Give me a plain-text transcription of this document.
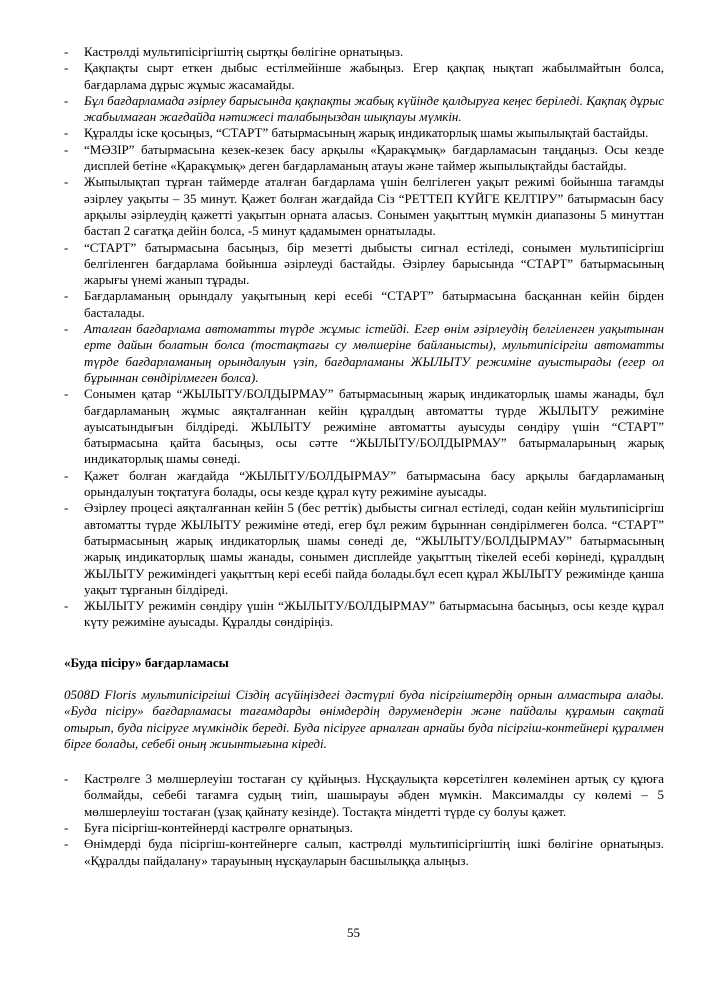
- Кастрөлді мультипісіргіштің сыртқы бөлігіне орнатыңыз.
- Қақпақты сырт еткен дыбыс естілмейінше жабыңыз. Егер қақпақ нықтап жабылмайтын болса, бағдарлама дұрыс жұмыс жасамайды.
- Бұл бағдарламада әзірлеу барысында қақпақты жабық күйінде қалдыруға кеңес беріледі. Қақпақ дұрыс жабылмаған жағдайда нәтижесі талабыңыздан шықпауы мүмкін.
- Құралды іске қосыңыз, “СТАРТ” батырмасының жарық индикаторлық шамы жыпылықтай бастайды.
- “МӘЗІР” батырмасына кезек-кезек басу арқылы «Қаракұмық» бағдарламасын таңдаңыз. Осы кезде дисплей бетіне «Қаракұмық» деген бағдарламаның атауы және таймер жыпылықтайды бастайды.
- Жыпылықтап тұрған таймерде аталған бағдарлама үшін белгілеген уақыт режимі бойынша тағамды әзірлеу уақыты – 35 минут. Қажет болған жағдайда Сіз “РЕТТЕП КҮЙГЕ КЕЛТІРУ” батырмасын басу арқылы әзірлеудің қажетті уақытын орната аласыз. Сонымен уақыттың мүмкін диапазоны 5 минуттан бастап 2 сағатқа дейін болса, -5 минут қадамымен орнатылады.
- “СТАРТ” батырмасына басыңыз, бір мезетті дыбысты сигнал естіледі, сонымен мультипісіргіш белгіленген бағдарлама бойынша әзірлеуді бастайды. Әзірлеу барысында “СТАРТ” батырмасының жарығы үнемі жанып тұрады.
- Бағдарламаның орындалу уақытының кері есебі “СТАРТ” батырмасына басқаннан кейін бірден басталады.
- Аталған бағдарлама автоматты түрде жұмыс істейді. Егер өнім әзірлеудің белгіленген уақытынан ерте дайын болатын болса (тостақтағы су мөлшеріне байланысты), мультипісіргіш автоматты түрде бағдарламаның орындалуын үзіп, бағдарламаны ЖЫЛЫТУ режиміне ауыстырады (егер ол бұрыннан сөндірілмеген болса).
- Сонымен қатар “ЖЫЛЫТУ/БОЛДЫРМАУ” батырмасының жарық индикаторлық шамы жанады, бұл бағдарламаның жұмыс аяқталғаннан кейін құралдың автоматты түрде ЖЫЛЫТУ режиміне ауысатындығын білдіреді. ЖЫЛЫТУ режиміне автоматты ауысуды сөндіру үшін “СТАРТ” батырмасына қайта басыңыз, осы сәтте “ЖЫЛЫТУ/БОЛДЫРМАУ” батырмаларының жарық индикаторлық шамы сөнеді.
- Қажет болған жағдайда “ЖЫЛЫТУ/БОЛДЫРМАУ” батырмасына басу арқылы бағдарламаның орындалуын тоқтатуға болады, осы кезде құрал күту режиміне ауысады.
- Әзірлеу процесі аяқталғаннан кейін 5 (бес реттік) дыбысты сигнал естіледі, содан кейін мультипісіргіш автоматты түрде ЖЫЛЫТУ режиміне өтеді, егер бұл режим бұрыннан сөндірілмеген болса. “СТАРТ” батырмасының жарық индикаторлық шамы сөнеді де, “ЖЫЛЫТУ/БОЛДЫРМАУ” батырмасының жарық индикаторлық шамы жанады, сонымен дисплейде уақыттың тікелей есебі көрінеді, құралдың ЖЫЛЫТУ режиміндегі уақыттың кері есебі пайда болады.бұл есеп құрал ЖЫЛЫТУ режимінде қанша уақыт тұрғанын білдіреді.
- ЖЫЛЫТУ режимін сөндіру үшін “ЖЫЛЫТУ/БОЛДЫРМАУ” батырмасына басыңыз, осы кезде құрал күту режиміне ауысады. Құралды сөндіріңіз.
«Буда пісіру» бағдарламасы
0508D Floris мультипісіргіші Сіздің асүйіңіздегі дәстүрлі буда пісіргіштердің орнын алмастыра алады. «Буда пісіру» бағдарламасы тағамдарды өнімдердің дәрумендерін және пайдалы құрамын сақтай отырып, буда пісіруге мүмкіндік береді. Буда пісіруге арналған арнайы буда пісіргіш-контейнері құралмен бірге болады, себебі оның жиынтығына кіреді.
- Кастрөлге 3 мөлшерлеуіш тостаған су құйыңыз. Нұсқаулықта көрсетілген көлемінен артық су құюға болмайды, себебі тағамға судың тиіп, шашырауы әбден мүмкін. Максималды су көлемі – 5 мөлшерлеуіш тостаған (ұзақ қайнату кезінде). Тостақта міндетті түрде су болуы қажет.
- Буға пісіргіш-контейнерді кастрөлге орнатыңыз.
- Өнімдерді буда пісіргіш-контейнерге салып, кастрөлді мультипісіргіштің ішкі бөлігіне орнатыңыз. «Құралды пайдалану» тарауының нұсқауларын басшылыққа алыңыз.
55
